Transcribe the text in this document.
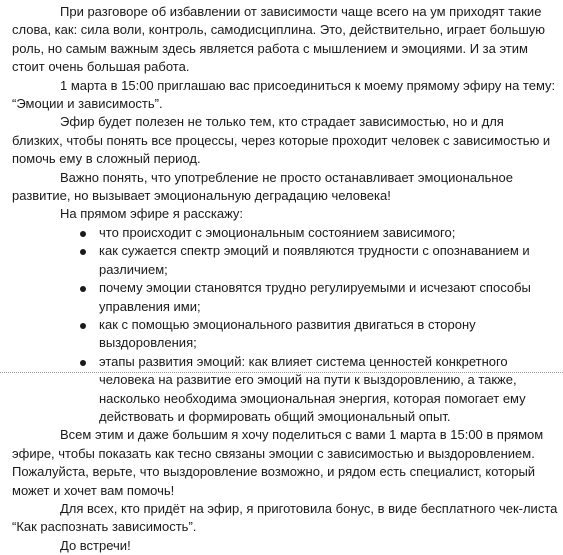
При разговоре об избавлении от зависимости чаще всего на ум приходят такие слова, как: сила воли, контроль, самодисциплина. Это, действительно, играет большую роль, но самым важным здесь является работа с мышлением и эмоциями. И за этим стоит очень большая работа.

1 марта в 15:00 приглашаю вас присоединиться к моему прямому эфиру на тему: “Эмоции и зависимость”.

Эфир будет полезен не только тем, кто страдает зависимостью, но и для близких, чтобы понять все процессы, через которые проходит человек с зависимостью и помочь ему в сложный период.

Важно понять, что употребление не просто останавливает эмоциональное развитие, но вызывает эмоциональную деградацию человека!

На прямом эфире я расскажу:

что происходит с эмоциональным состоянием зависимого;
как сужается спектр эмоций и появляются трудности с опознаванием и различием;
почему эмоции становятся трудно регулируемыми и исчезают способы управления ими;
как с помощью эмоционального развития двигаться в сторону выздоровления;
этапы развития эмоций: как влияет система ценностей конкретного человека на развитие его эмоций на пути к выздоровлению, а также, насколько необходима эмоциональная энергия, которая помогает ему действовать и формировать общий эмоциональный опыт.

Всем этим и даже большим я хочу поделиться с вами 1 марта в 15:00 в прямом эфире, чтобы показать как тесно связаны эмоции с зависимостью и выздоровлением. Пожалуйста, верьте, что выздоровление возможно, и рядом есть специалист, который может и хочет вам помочь!

Для всех, кто придёт на эфир, я приготовила бонус, в виде бесплатного чек-листа “Как распознать зависимость”.

До встречи!
